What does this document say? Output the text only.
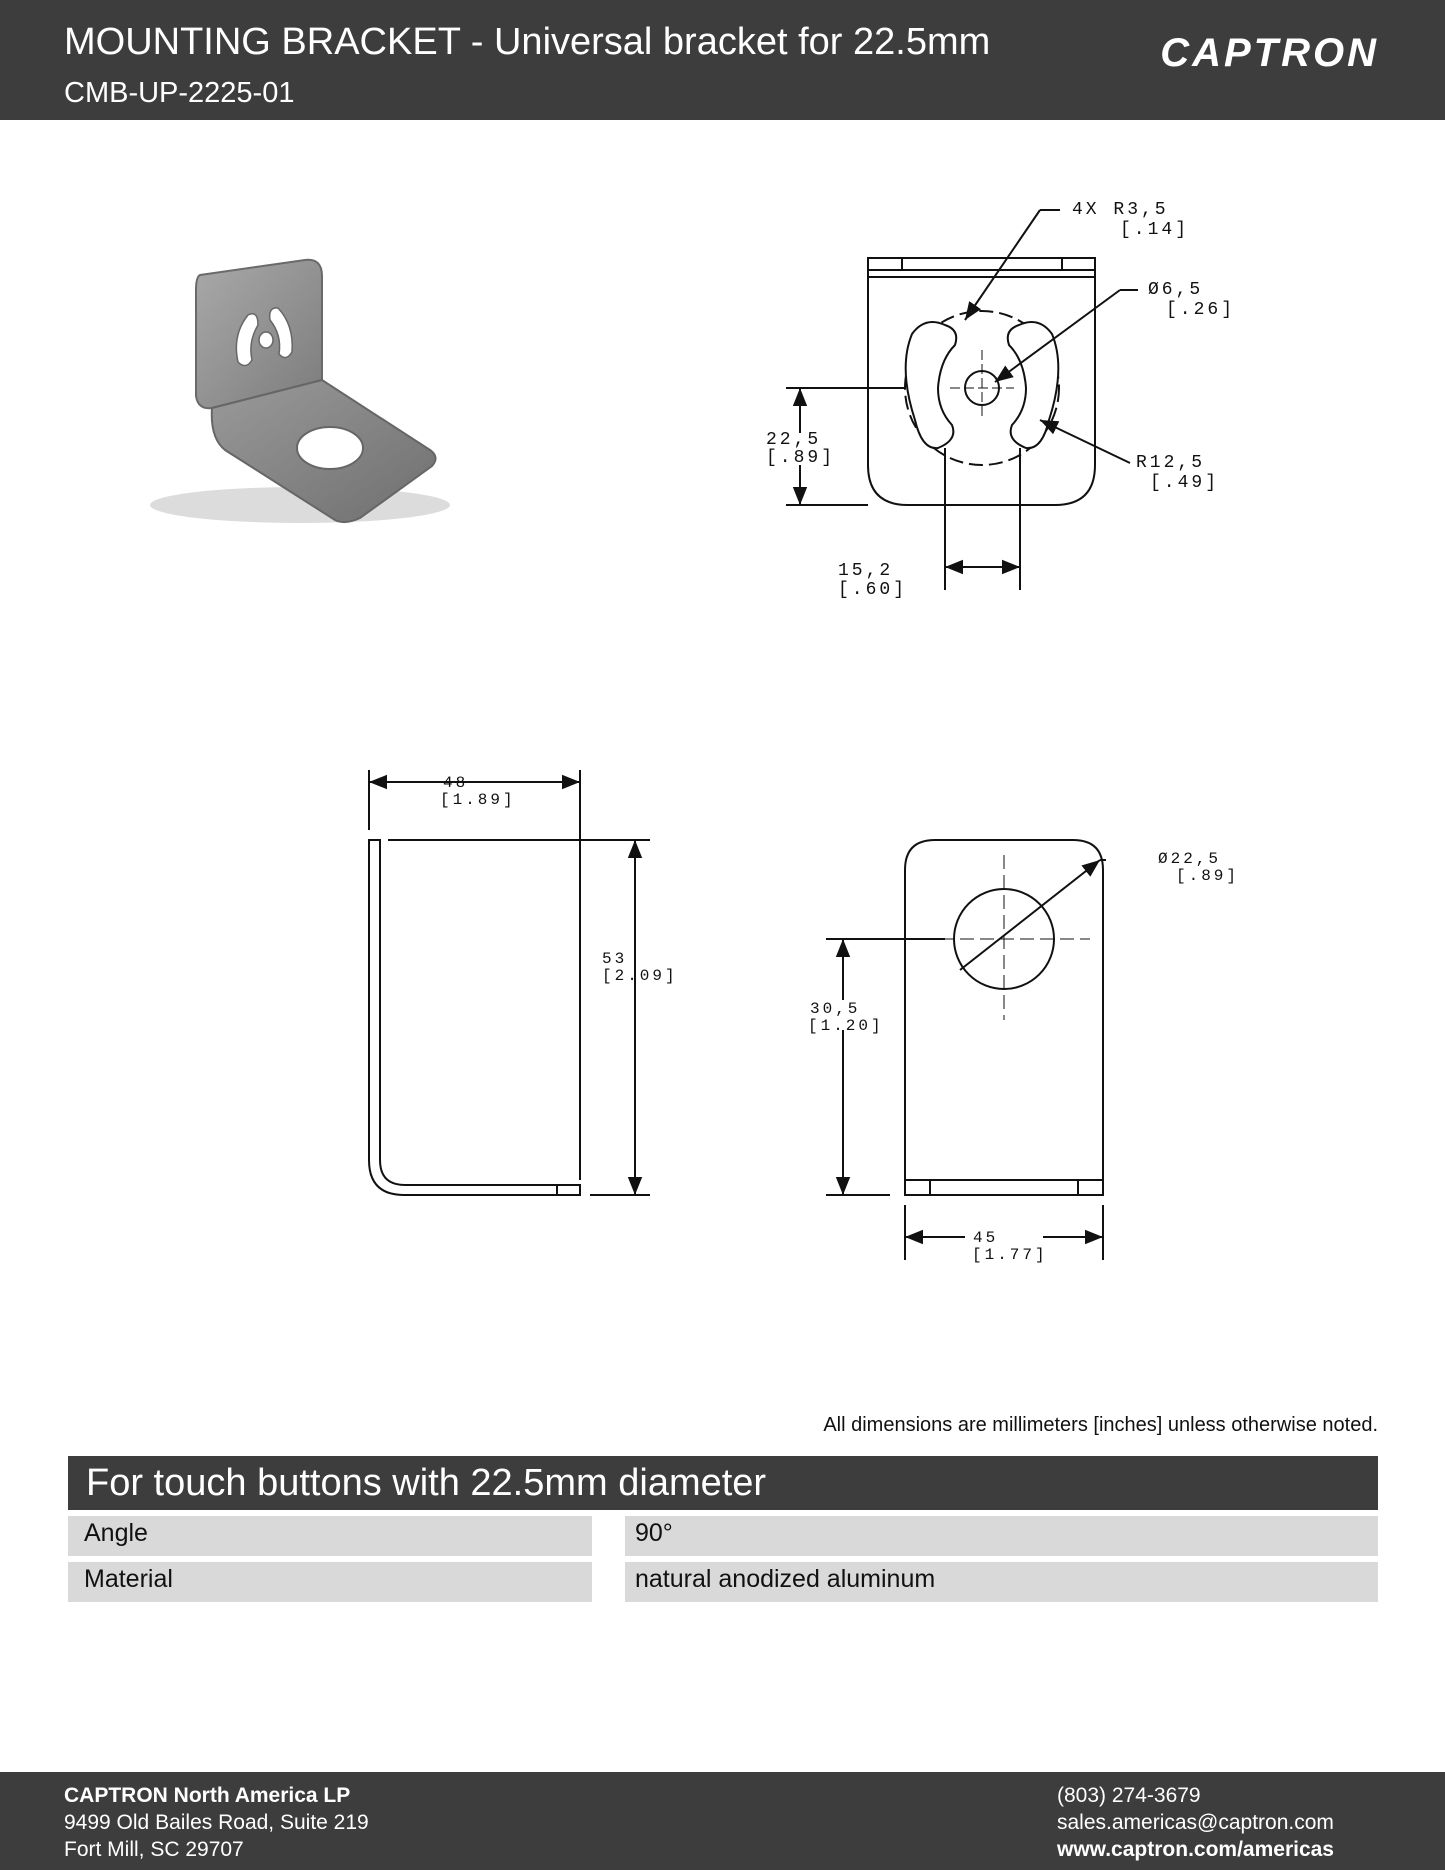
MOUNTING BRACKET - Universal bracket for 22.5mm
CMB-UP-2225-01
CAPTRON
4X R3,5
[.14]
Ø6,5
[.26]
R12,5
[.49]
22,5
[.89]
15,2
[.60]
48
[1.89]
53
[2.09]
Ø22,5
[.89]
30,5
[1.20]
45
[1.77]
All dimensions are millimeters [inches] unless otherwise noted.
For touch buttons with 22.5mm diameter
Angle	90°
Material	natural anodized aluminum
CAPTRON North America LP
9499 Old Bailes Road, Suite 219
Fort Mill, SC 29707
(803) 274-3679
sales.americas@captron.com
www.captron.com/americas
